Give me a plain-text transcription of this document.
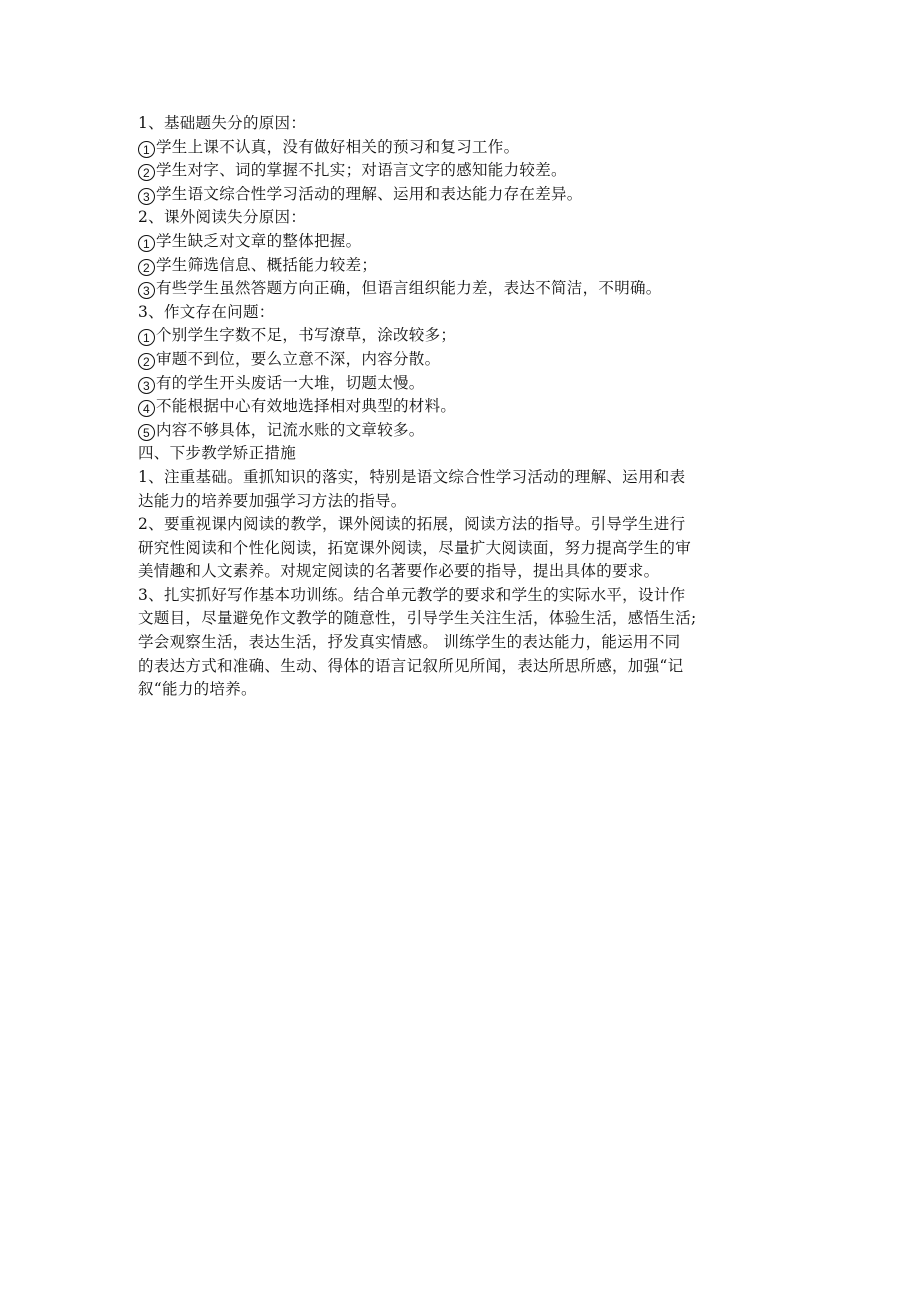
1、基础题失分的原因：
1 学生上课不认真，没有做好相关的预习和复习工作。
2 学生对字、词的掌握不扎实；对语言文字的感知能力较差。
3 学生语文综合性学习活动的理解、运用和表达能力存在差异。
2、课外阅读失分原因：
1 学生缺乏对文章的整体把握。
2 学生筛选信息、概括能力较差；
3 有些学生虽然答题方向正确，但语言组织能力差，表达不简洁，不明确。
3、作文存在问题：
1 个别学生字数不足，书写潦草，涂改较多；
2 审题不到位，要么立意不深，内容分散。
3 有的学生开头废话一大堆，切题太慢。
4 不能根据中心有效地选择相对典型的材料。
5 内容不够具体，记流水账的文章较多。
四、下步教学矫正措施
1、注重基础。重抓知识的落实，特别是语文综合性学习活动的理解、运用和表
达能力的培养要加强学习方法的指导。
2、要重视课内阅读的教学，课外阅读的拓展，阅读方法的指导。引导学生进行
研究性阅读和个性化阅读，拓宽课外阅读，尽量扩大阅读面，努力提高学生的审
美情趣和人文素养。对规定阅读的名著要作必要的指导，提出具体的要求。
3、扎实抓好写作基本功训练。结合单元教学的要求和学生的实际水平，设计作
文题目，尽量避免作文教学的随意性，引导学生关注生活，体验生活，感悟生活;
学会观察生活，表达生活，抒发真实情感。 训练学生的表达能力，能运用不同
的表达方式和准确、生动、得体的语言记叙所见所闻，表达所思所感，加强“记
叙“能力的培养。
